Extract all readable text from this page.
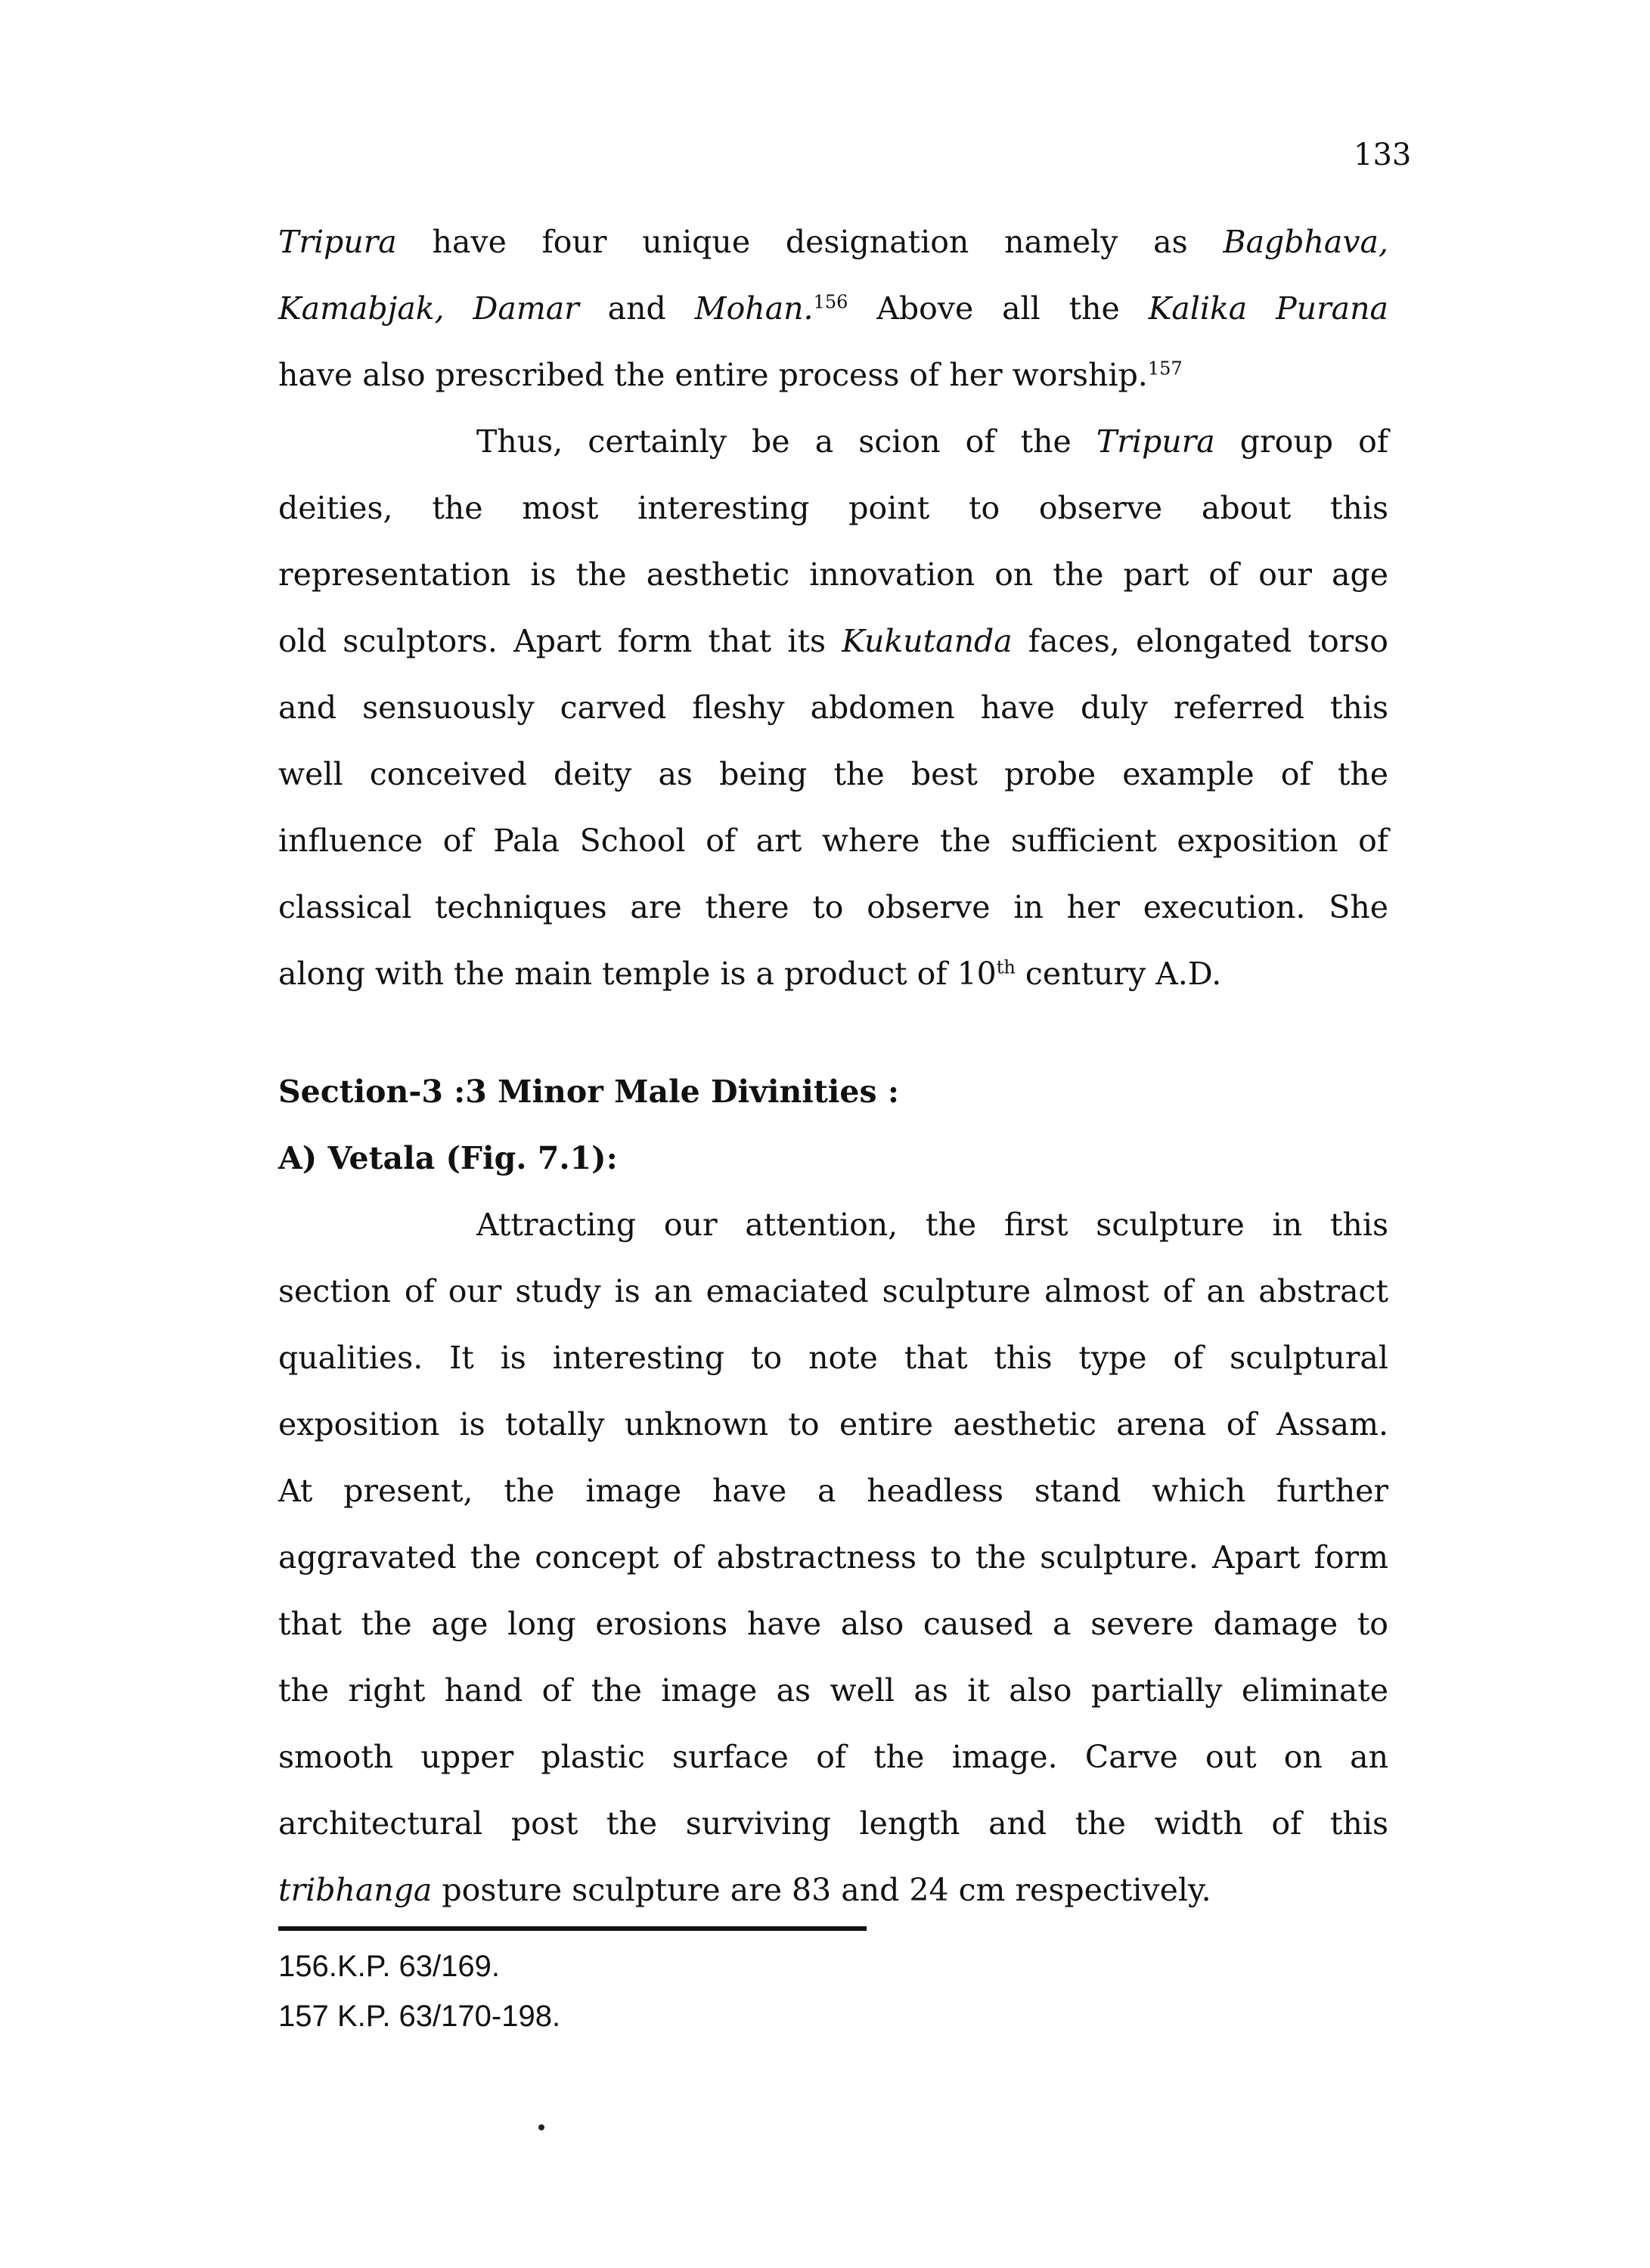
133
Tripura have four unique designation namely as Bagbhava,
Kamabjak, Damar and Mohan.$^{156}$ Above all the Kalika Purana
have also prescribed the entire process of her worship.$^{157}$
Thus, certainly be a scion of the Tripura group of
deities, the most interesting point to observe about this
representation is the aesthetic innovation on the part of our age
old sculptors. Apart form that its Kukutanda faces, elongated torso
and sensuously carved fleshy abdomen have duly referred this
well conceived deity as being the best probe example of the
influence of Pala School of art where the sufficient exposition of
classical techniques are there to observe in her execution. She
along with the main temple is a product of 10th century A.D.
Section-3 :3 Minor Male Divinities :
A) Vetala (Fig. 7.1):
Attracting our attention, the first sculpture in this
section of our study is an emaciated sculpture almost of an abstract
qualities. It is interesting to note that this type of sculptural
exposition is totally unknown to entire aesthetic arena of Assam.
At present, the image have a headless stand which further
aggravated the concept of abstractness to the sculpture. Apart form
that the age long erosions have also caused a severe damage to
the right hand of the image as well as it also partially eliminate
smooth upper plastic surface of the image. Carve out on an
architectural post the surviving length and the width of this
tribhanga posture sculpture are 83 and 24 cm respectively.
156.K.P. 63/169.
157 K.P. 63/170-198.
